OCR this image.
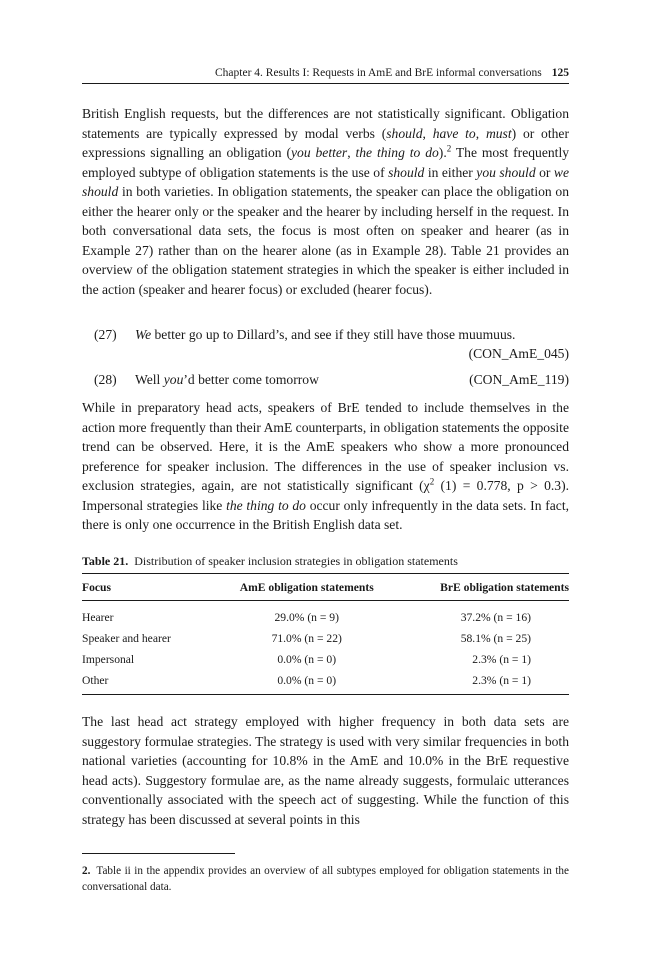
Chapter 4. Results I: Requests in AmE and BrE informal conversations 125

British English requests, but the differences are not statistically significant. Obligation statements are typically expressed by modal verbs (should, have to, must) or other expressions signalling an obligation (you better, the thing to do).$^2$ The most frequently employed subtype of obligation statements is the use of should in either you should or we should in both varieties. In obligation statements, the speaker can place the obligation on either the hearer only or the speaker and the hearer by including herself in the request. In both conversational data sets, the focus is most often on speaker and hearer (as in Example 27) rather than on the hearer alone (as in Example 28). Table 21 provides an overview of the obligation statement strategies in which the speaker is either included in the action (speaker and hearer focus) or excluded (hearer focus).

(27) We better go up to Dillard’s, and see if they still have those muumuus.
(CON_AmE_045)
(28) Well you’d better come tomorrow	(CON_AmE_119)

While in preparatory head acts, speakers of BrE tended to include themselves in the action more frequently than their AmE counterparts, in obligation statements the opposite trend can be observed. Here, it is the AmE speakers who show a more pronounced preference for speaker inclusion. The differences in the use of speaker inclusion vs. exclusion strategies, again, are not statistically significant ($\chi^2$ (1) = 0.778, p > 0.3). Impersonal strategies like the thing to do occur only infrequently in the data sets. In fact, there is only one occurrence in the British English data set.

Table 21. Distribution of speaker inclusion strategies in obligation statements
Focus	AmE obligation statements	BrE obligation statements
Hearer	29.0% (n = 9)	37.2% (n = 16)
Speaker and hearer	71.0% (n = 22)	58.1% (n = 25)
Impersonal	0.0% (n = 0)	2.3% (n = 1)
Other	0.0% (n = 0)	2.3% (n = 1)

The last head act strategy employed with higher frequency in both data sets are suggestory formulae strategies. The strategy is used with very similar frequencies in both national varieties (accounting for 10.8% in the AmE and 10.0% in the BrE requestive head acts). Suggestory formulae are, as the name already suggests, formulaic utterances conventionally associated with the speech act of suggesting. While the function of this strategy has been discussed at several points in this

2. Table ii in the appendix provides an overview of all subtypes employed for obligation statements in the conversational data.
